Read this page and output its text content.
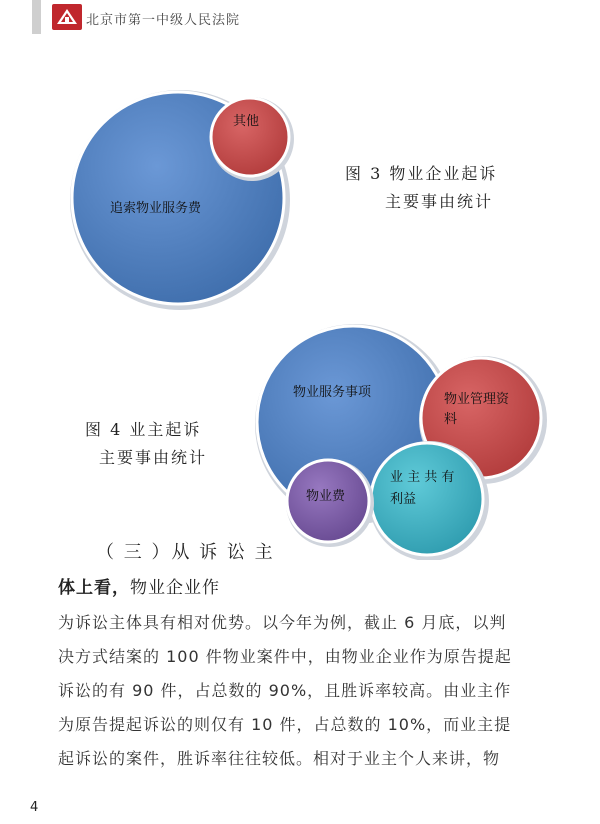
北京市第一中级人民法院
追索物业服务费
其他
图 3 物业企业起诉
主要事由统计
物业服务事项	物业管理资
料
业 主 共 有
利益
物业费
图 4 业主起诉
主要事由统计
（ 三 ）从 诉 讼 主
体上看，物业企业作

为诉讼主体具有相对优势。以今年为例，截止 6 月底，以判

决方式结案的 100 件物业案件中，由物业企业作为原告提起

诉讼的有 90 件，占总数的 90%，且胜诉率较高。由业主作

为原告提起诉讼的则仅有 10 件，占总数的 10%，而业主提

起诉讼的案件，胜诉率往往较低。相对于业主个人来讲，物

4
